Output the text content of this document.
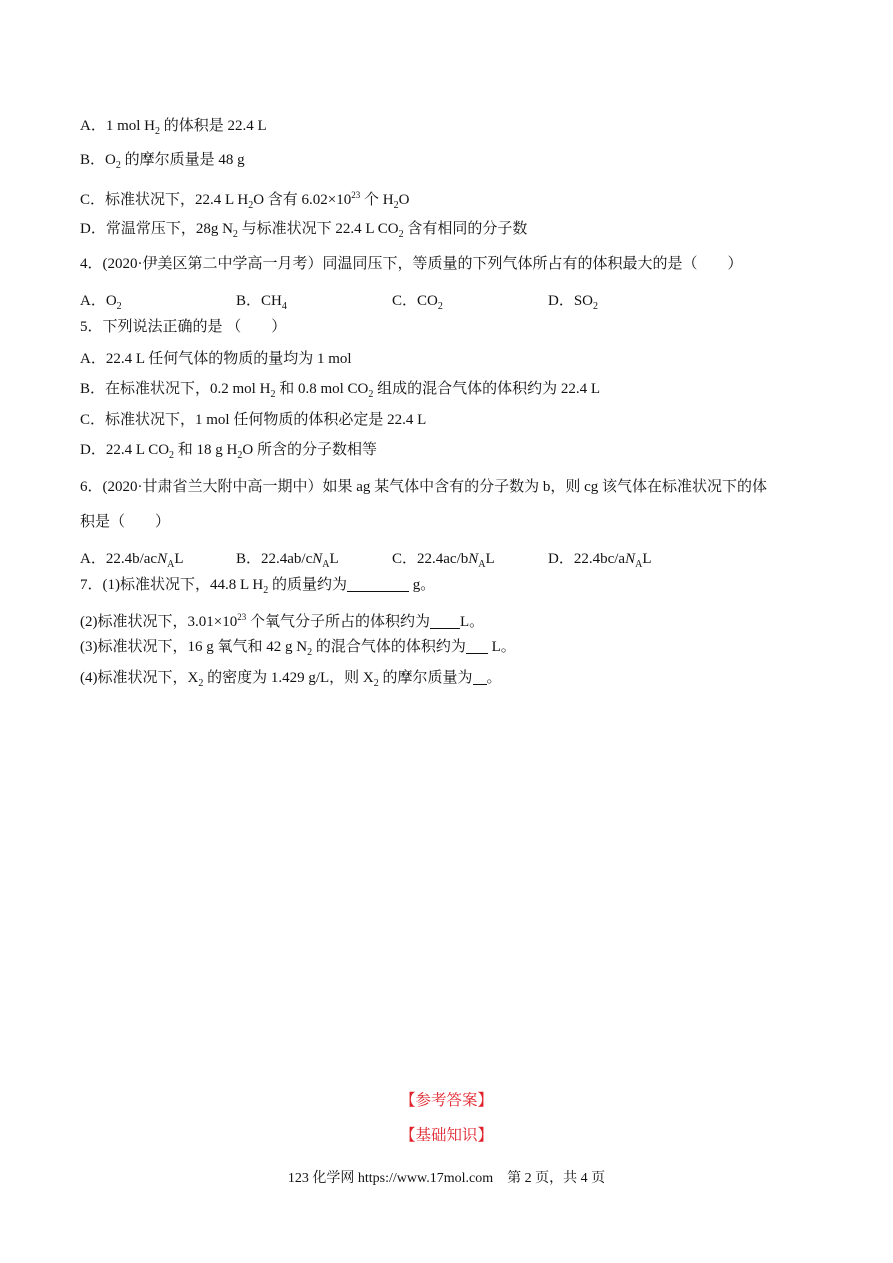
A．1 mol $H_2$ 的体积是 22.4 L
B．$O_2$ 的摩尔质量是 48 g
C．标准状况下，22.4 L $H_2O$ 含有 $6.02\times 10^{23}$ 个 $H_2O$
D．常温常压下，28g $N_2$ 与标准状况下 22.4 L $CO_2$ 含有相同的分子数
4．(2020·伊美区第二中学高一月考）同温同压下，等质量的下列气体所占有的体积最大的是（　　）
A．$O_2$	B．$CH_4$	C．$CO_2$	D．$SO_2$
5．下列说法正确的是 （　　）
A．22.4 L 任何气体的物质的量均为 1 mol
B．在标准状况下，0.2 mol $H_2$ 和 0.8 mol $CO_2$ 组成的混合气体的体积约为 22.4 L
C．标准状况下，1 mol 任何物质的体积必定是 22.4 L
D．22.4 L $CO_2$ 和 18 g $H_2O$ 所含的分子数相等
6．(2020·甘肃省兰大附中高一期中）如果 ag 某气体中含有的分子数为 b，则 cg 该气体在标准状况下的体
积是（　　）
A．22.4b/acN$_A$L	B．$22.4ab/cN_AL$	C．$22.4ac/bN_AL$	D．$22.4bc/aN_AL$
7．(1)标准状况下，44.8 L $H_2$ 的质量约为	g。
(2)标准状况下，$3.01\times 10^{23}$ 个氧气分子所占的体积约为 L。
(3)标准状况下，16 g 氧气和 42 g $N_2$ 的混合气体的体积约为 L。
(4)标准状况下，$X_2$ 的密度为 1.429 g/L，则 $X_2$ 的摩尔质量为 。
【参考答案】
【基础知识】
123 化学网 https://www.17mol.com　第 2 页，共 4 页
